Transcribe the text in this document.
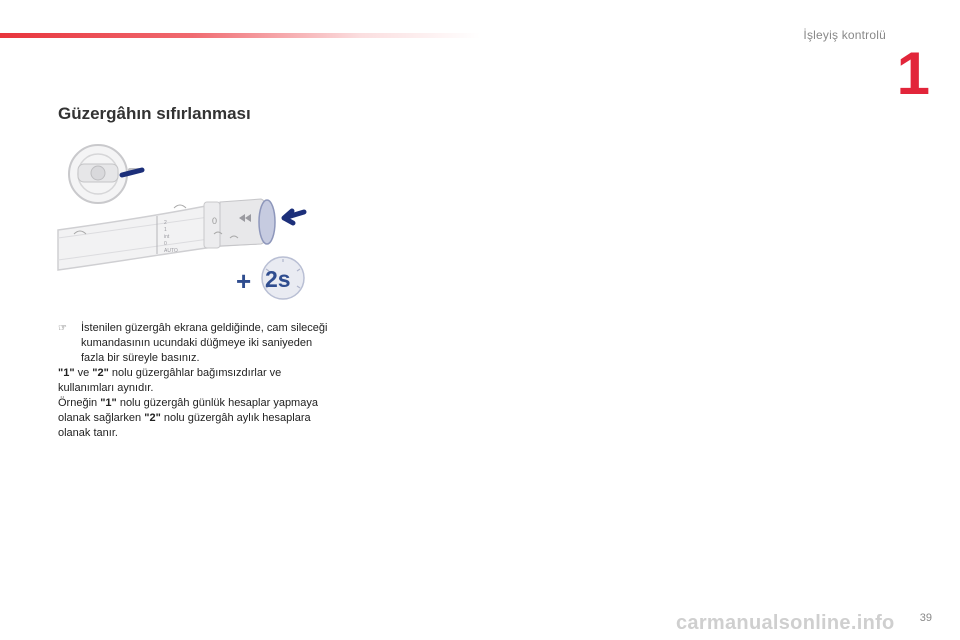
İşleyiş kontrolü
1
Güzergâhın sıfırlanması
0
2
1
int
0
AUTO
+ 2s
☞	İstenilen güzergâh ekrana geldiğinde, cam sileceği kumandasının ucundaki düğmeye iki saniyeden fazla bir süreyle basınız.

"1" ve "2" nolu güzergâhlar bağımsızdırlar ve kullanımları aynıdır.

Örneğin "1" nolu güzergâh günlük hesaplar yapmaya olanak sağlarken "2" nolu güzergâh aylık hesaplara olanak tanır.

carmanualsonline.info 39
